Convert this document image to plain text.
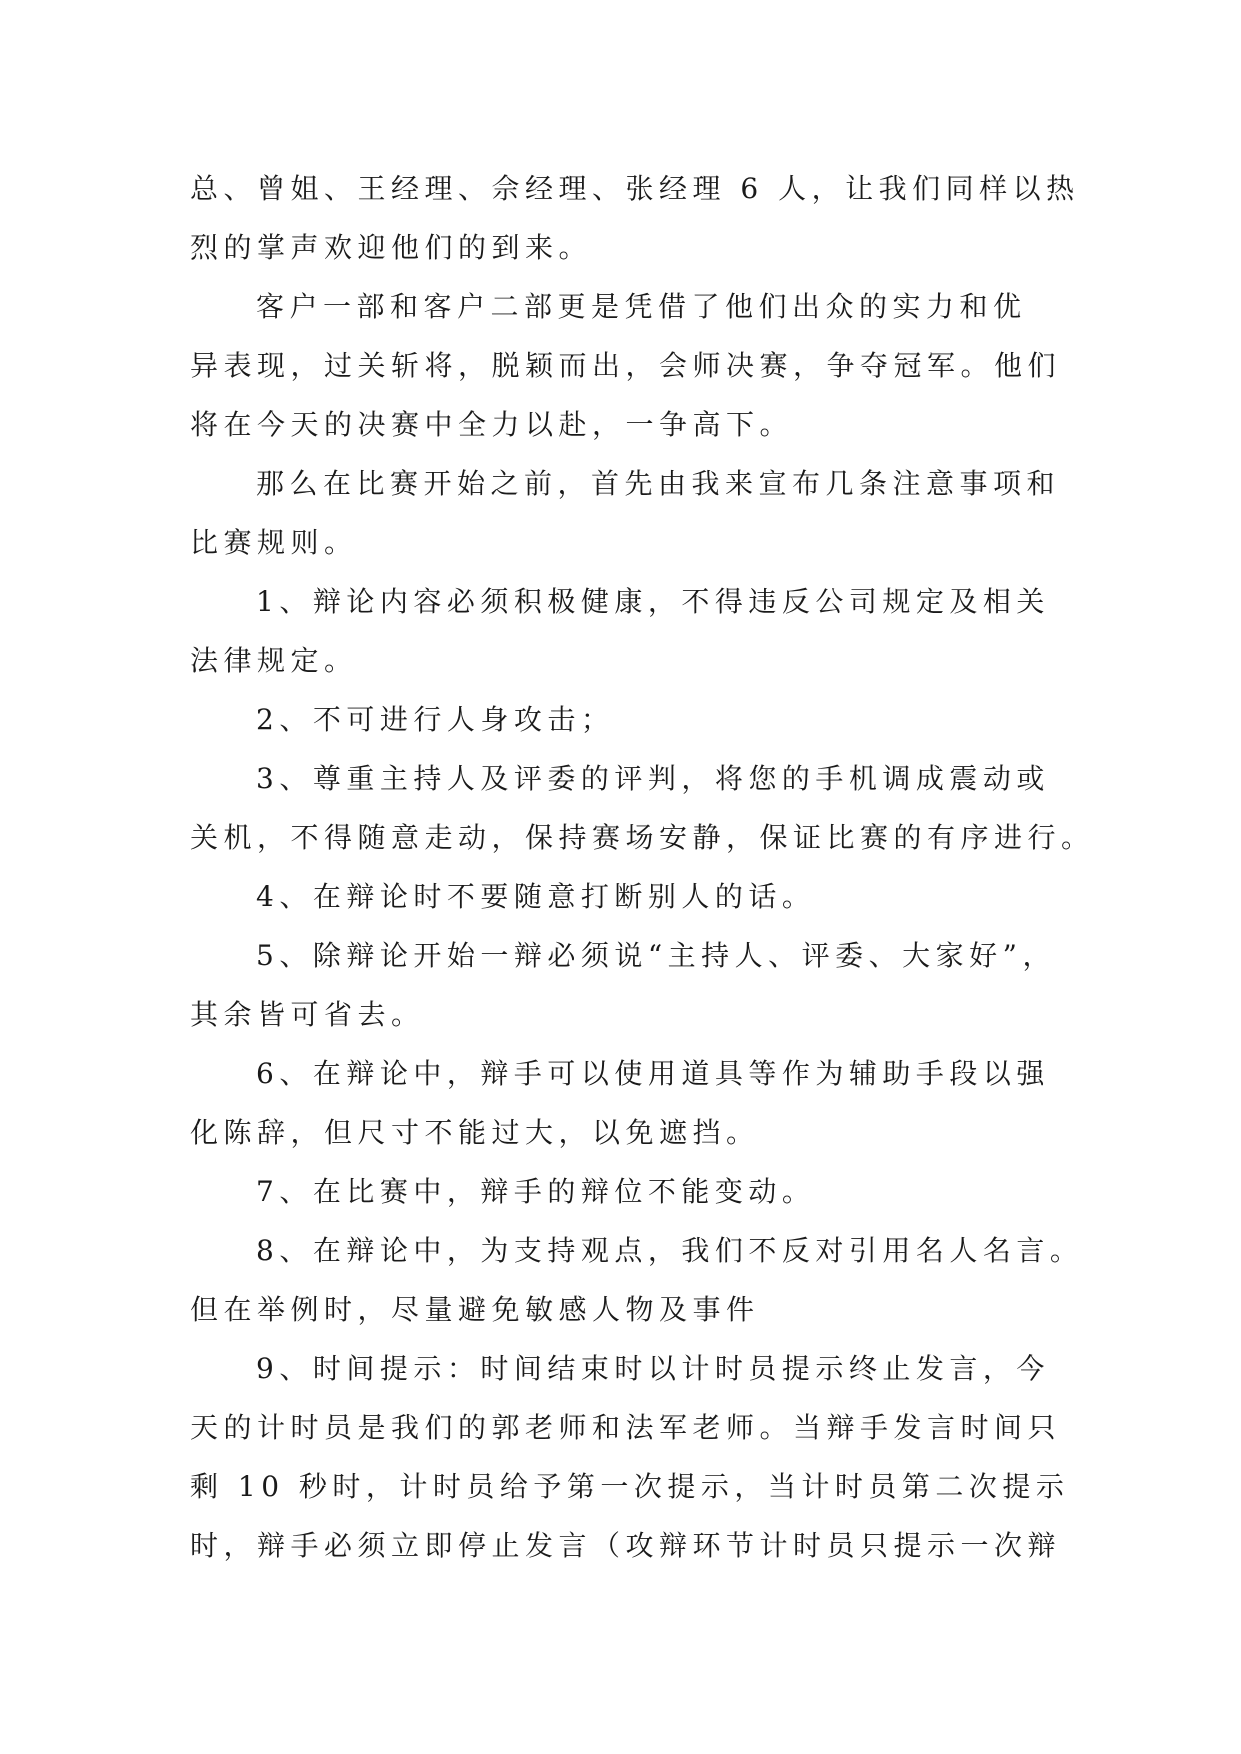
总、曾姐、王经理、佘经理、张经理 6 人，让我们同样以热
烈的掌声欢迎他们的到来。
客户一部和客户二部更是凭借了他们出众的实力和优
异表现，过关斩将，脱颖而出，会师决赛，争夺冠军。他们
将在今天的决赛中全力以赴，一争高下。
那么在比赛开始之前，首先由我来宣布几条注意事项和
比赛规则。
1、辩论内容必须积极健康，不得违反公司规定及相关
法律规定。
2、不可进行人身攻击；
3、尊重主持人及评委的评判，将您的手机调成震动或
关机，不得随意走动，保持赛场安静，保证比赛的有序进行。
4、在辩论时不要随意打断别人的话。
5、除辩论开始一辩必须说“主持人、评委、大家好”，
其余皆可省去。
6、在辩论中，辩手可以使用道具等作为辅助手段以强
化陈辞，但尺寸不能过大，以免遮挡。
7、在比赛中，辩手的辩位不能变动。
8、在辩论中，为支持观点，我们不反对引用名人名言。
但在举例时，尽量避免敏感人物及事件
9、时间提示：时间结束时以计时员提示终止发言，今
天的计时员是我们的郭老师和法军老师。当辩手发言时间只
剩 10 秒时，计时员给予第一次提示，当计时员第二次提示
时，辩手必须立即停止发言（攻辩环节计时员只提示一次辩
